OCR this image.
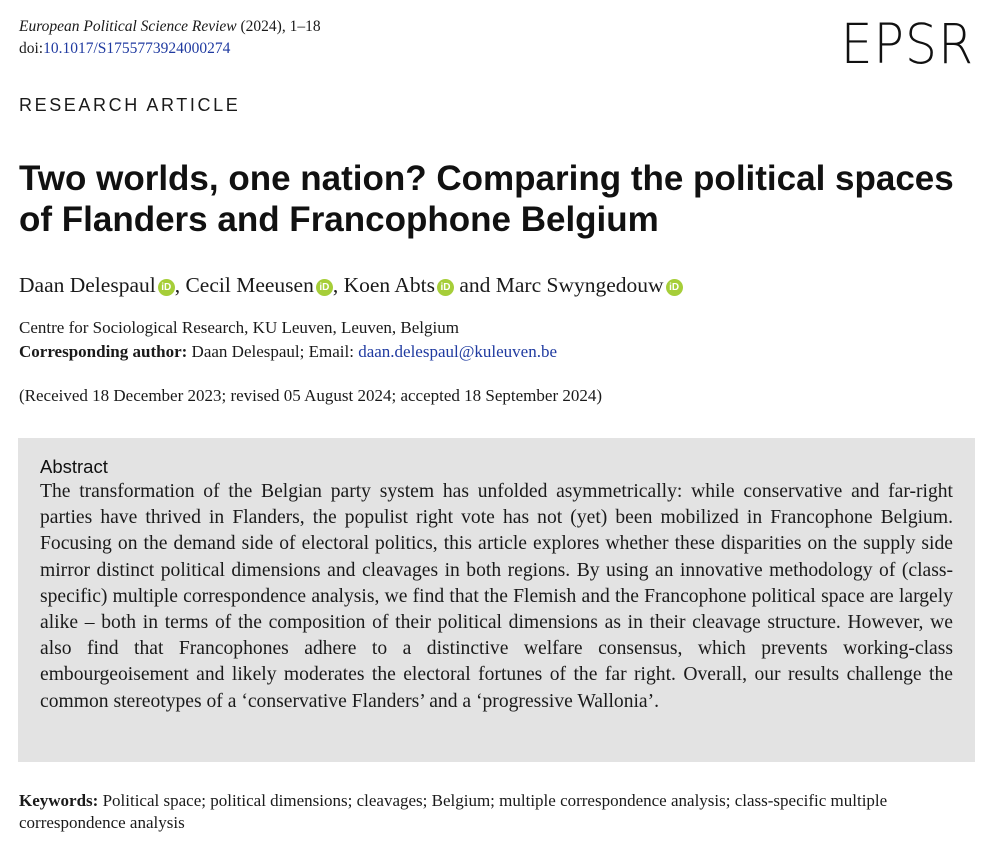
European Political Science Review (2024), 1–18
doi:10.1017/S1755773924000274	EPSR
RESEARCH ARTICLE
Two worlds, one nation? Comparing the political spaces of Flanders and Francophone Belgium
Daan Delespaul iD , Cecil Meeusen iD , Koen Abts iD and Marc Swyngedouw iD
Centre for Sociological Research, KU Leuven, Leuven, Belgium
Corresponding author: Daan Delespaul; Email: daan.delespaul@kuleuven.be
(Received 18 December 2023; revised 05 August 2024; accepted 18 September 2024)
Abstract

The transformation of the Belgian party system has unfolded asymmetrically: while conservative and far-right parties have thrived in Flanders, the populist right vote has not (yet) been mobilized in Francophone Belgium. Focusing on the demand side of electoral politics, this article explores whether these disparities on the supply side mirror distinct political dimensions and cleavages in both regions. By using an innovative methodology of (class-specific) multiple correspondence analysis, we find that the Flemish and the Francophone political space are largely alike – both in terms of the composition of their political dimensions as in their cleavage structure. However, we also find that Francophones adhere to a distinctive welfare consensus, which prevents working-class embourgeoisement and likely moderates the electoral fortunes of the far right. Overall, our results challenge the common stereotypes of a ‘conservative Flanders’ and a ‘progressive Wallonia’.

Keywords: Political space; political dimensions; cleavages; Belgium; multiple correspondence analysis; class-specific multiple correspondence analysis
